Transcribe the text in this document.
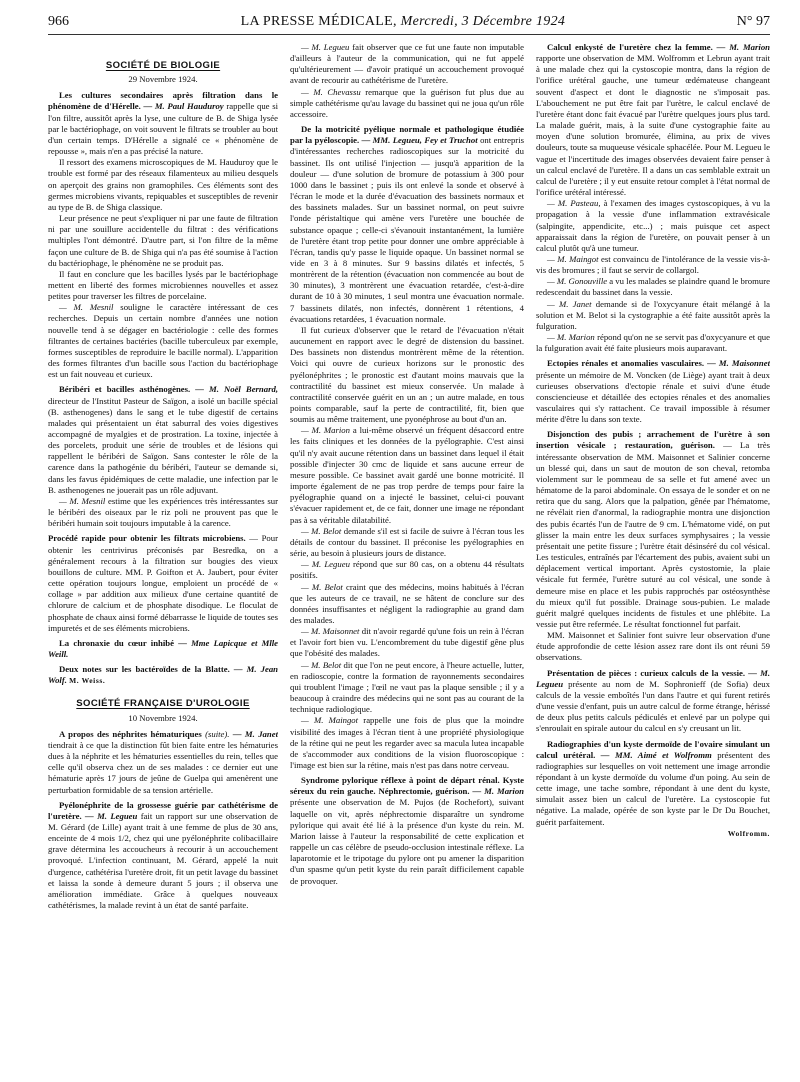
966	LA PRESSE MÉDICALE, Mercredi, 3 Décembre 1924	N° 97
SOCIÉTÉ DE BIOLOGIE
29 Novembre 1924.

Les cultures secondaires après filtration dans le phénomène de d'Hérelle. — M. Paul Hauduroy rappelle que si l'on filtre, aussitôt après la lyse, une culture de B. de Shiga lysée par le bactériophage, on voit souvent le filtrats se troubler au bout d'un certain temps. D'Hérelle a signalé ce « phénomène de repousse », mais n'en a pas précisé la nature.

Il ressort des examens microscopiques de M. Hauduroy que le trouble est formé par des réseaux filamenteux au milieu desquels on aperçoit des grains non gramophiles. Ces éléments sont des germes microbiens vivants, repiquables et susceptibles de revenir au type de B. de Shiga classique.

Leur présence ne peut s'expliquer ni par une faute de filtration ni par une souillure accidentelle du filtrat : des vérifications multiples l'ont démontré. D'autre part, si l'on filtre de la même façon une culture de B. de Shiga qui n'a pas été soumise à l'action du bactériophage, le phénomène ne se produit pas.

Il faut en conclure que les bacilles lysés par le bactériophage mettent en liberté des formes microbiennes nouvelles et assez petites pour traverser les filtres de porcelaine.

— M. Mesnil souligne le caractère intéressant de ces recherches. Depuis un certain nombre d'années une notion nouvelle tend à se dégager en bactériologie : celle des formes filtrantes de certaines bactéries (bacille tuberculeux par exemple, formes susceptibles de reproduire le bacille normal). L'apparition des formes filtrantes d'un bacille sous l'action du bactériophage est un fait nouveau et curieux.

Béribéri et bacilles asthénogènes. — M. Noël Bernard, directeur de l'Institut Pasteur de Saïgon, a isolé un bacille spécial (B. asthenogenes) dans le sang et le tube digestif de certains malades qui présentaient un état saburral des voies digestives accompagné de myalgies et de prostration. La toxine, injectée à des porcelets, produit une série de troubles et de lésions qui rappellent le béribéri de Saïgon. Sans contester le rôle de la carence dans la pathogénie du béribéri, l'auteur se demande si, dans les favus épidémiques de cette maladie, une infection par le B. asthenogenes ne jouerait pas un rôle adjuvant.

— M. Mesnil estime que les expériences très intéressantes sur le béribéri des oiseaux par le riz poli ne prouvent pas que le béribéri humain soit toujours imputable à la carence.

Procédé rapide pour obtenir les filtrats microbiens. — Pour obtenir les centrivirus préconisés par Besredka, on a généralement recours à la filtration sur bougies des vieux bouillons de culture. MM. P. Goifton et A. Jaubert, pour éviter cette opération toujours longue, emploient un procédé de « collage » par addition aux milieux d'une certaine quantité de chlorure de calcium et de phosphate disodique. Le floculat de phosphate de chaux ainsi formé débarrasse le liquide de toutes ses impuretés et de ses éléments microbiens.

La chronaxie du cœur inhibé — Mme Lapicque et Mlle Weill.

Deux notes sur les bactéroïdes de la Blatte. — M. Jean Wolf. M. Weiss.

SOCIÉTÉ FRANÇAISE D'UROLOGIE
10 Novembre 1924.

A propos des néphrites hématuriques (suite). — M. Janet tiendrait à ce que la distinction fût bien faite entre les hématuries dues à la néphrite et les hématuries essentielles du rein, telles que celle qu'il observa chez un de ses malades : ce dernier eut une hématurie après 17 jours de jeûne de Guelpa qui amenèrent une perturbation formidable de sa tension artérielle.

Pyélonéphrite de la grossesse guérie par cathétérisme de l'uretère. — M. Legueu fait un rapport sur une observation de M. Gérard (de Lille) ayant trait à une femme de plus de 30 ans, enceinte de 4 mois 1/2, chez qui une pyélonéphrite colibacillaire grave détermina les accoucheurs à recourir à un accouchement provoqué. L'infection continuant, M. Gérard, appelé la nuit d'urgence, cathétérisa l'uretère droit, fit un petit lavage du bassinet et laissa la sonde à demeure durant 5 jours ; il observa une amélioration immédiate. Grâce à quelques nouveaux cathétérismes, la malade revint à un état de santé parfaite.

— M. Legueu fait observer que ce fut une faute non imputable d'ailleurs à l'auteur de la communication, qui ne fut appelé qu'ultérieurement — d'avoir pratiqué un accouchement provoqué avant de recourir au cathétérisme de l'uretère.

— M. Chevassu remarque que la guérison fut plus due au simple cathétérisme qu'au lavage du bassinet qui ne joua qu'un rôle accessoire.

De la motricité pyélique normale et pathologique étudiée par la pyéloscopie. — MM. Legueu, Fey et Truchot ont entrepris d'intéressantes recherches radioscopiques sur la motricité du bassinet. Ils ont utilisé l'injection — jusqu'à apparition de la douleur — d'une solution de bromure de potassium à 300 pour 1000 dans le bassinet ; puis ils ont enlevé la sonde et observé à l'écran le mode et la durée d'évacuation des bassinets normaux et des bassinets malades. Sur un bassinet normal, on peut suivre l'onde péristaltique qui amène vers l'uretère une bouchée de substance opaque ; celle-ci s'évanouit instantanément, la lumière de l'uretère étant trop petite pour donner une ombre appréciable à l'écran, tandis qu'y passe le liquide opaque. Un bassinet normal se vide en 3 à 8 minutes. Sur 9 bassins dilatés et infectés, 5 montrèrent de la rétention (évacuation non commencée au bout de 30 minutes), 3 montrèrent une évacuation retardée, c'est-à-dire durant de 10 à 30 minutes, 1 seul montra une évacuation normale. 7 bassinets dilatés, non infectés, donnèrent 1 rétentions, 4 évacuations retardées, 1 évacuation normale.

Il fut curieux d'observer que le retard de l'évacuation n'était aucunement en rapport avec le degré de distension du bassinet. Des bassinets non distendus montrèrent même de la rétention. Voici qui ouvre de curieux horizons sur le pronostic des pyélonéphrites ; le pronostic est d'autant moins mauvais que la contractilité du bassinet est mieux conservée. Un malade à contractilité conservée guérit en un an ; un autre malade, en tous points comparable, sauf la perte de contractilité, fit, bien que soumis au même traitement, une pyonéphrose au bout d'un an.

— M. Marion a lui-même observé un fréquent désaccord entre les faits cliniques et les données de la pyélographie. C'est ainsi qu'il n'y avait aucune rétention dans un bassinet dans lequel il était possible d'injecter 30 cmc de liquide et sans aucune erreur de mesure possible. Ce bassinet avait gardé une bonne motricité. Il importe également de ne pas trop perdre de temps pour faire la pyélographie quand on a injecté le bassinet, celui-ci pouvant s'évacuer rapidement et, de ce fait, donner une image ne répondant pas à sa véritable dilatabilité.

— M. Belot demande s'il est si facile de suivre à l'écran tous les détails de contour du bassinet. Il préconise les pyélographies en série, au besoin à plusieurs jours de distance.

— M. Legueu répond que sur 80 cas, on a obtenu 44 résultats positifs.

— M. Belot craint que des médecins, moins habitués à l'écran que les auteurs de ce travail, ne se hâtent de conclure sur des données insuffisantes et négligent la radiographie au grand dam des malades.

— M. Maisonnet dit n'avoir regardé qu'une fois un rein à l'écran et l'avoir fort bien vu. L'encombrement du tube digestif gêne plus que l'obésité des malades.

— M. Belot dit que l'on ne peut encore, à l'heure actuelle, lutter, en radioscopie, contre la formation de rayonnements secondaires qui troublent l'image ; l'œil ne vaut pas la plaque sensible ; il y a beaucoup à craindre des médecins qui ne sont pas au courant de la technique radiologique.

— M. Maingot rappelle une fois de plus que la moindre visibilité des images à l'écran tient à une propriété physiologique de la rétine qui ne peut les regarder avec sa macula lutea incapable de s'accommoder aux conditions de la vision fluoroscopique : l'image est bien sur la rétine, mais n'est pas dans notre cerveau.

Syndrome pylorique réflexe à point de départ rénal. Kyste séreux du rein gauche. Néphrectomie, guérison. — M. Marion présente une observation de M. Pujos (de Rochefort), suivant laquelle on vit, après néphrectomie disparaître un syndrome pylorique qui avait été lié à la présence d'un kyste du rein. M. Marion laisse à l'auteur la responsabilité de cette explication et rappelle un cas célèbre de pseudo-occlusion intestinale réflexe. La laparotomie et le tripotage du pylore ont pu amener la disparition d'un spasme qu'un petit kyste du rein paraît difficilement capable de provoquer.

Calcul enkysté de l'uretère chez la femme. — M. Marion rapporte une observation de MM. Wolfromm et Lebrun ayant trait à une malade chez qui la cystoscopie montra, dans la région de l'orifice urétéral gauche, une tumeur œdémateuse changeant souvent d'aspect et dont le diagnostic ne s'imposait pas. L'abouchement ne put être fait par l'urètre, le calcul enclavé de l'uretère étant donc fait évacué par l'urètre quelques jours plus tard. La malade guérit, mais, à la suite d'une cystographie faite au moyen d'une solution bromurée, élimina, au prix de vives douleurs, toute sa muqueuse vésicale sphacélée. Pour M. Legueu le vague et l'incertitude des images observées devaient faire penser à un calcul enclavé de l'uretère. Il a dans un cas semblable extrait un calcul de l'uretère ; il y eut ensuite retour complet à l'état normal de l'orifice urétéral intéressé.

— M. Pasteau, à l'examen des images cystoscopiques, à vu la propagation à la vessie d'une inflammation extravésicale (salpingite, appendicite, etc...) ; mais puisque cet aspect apparaissait dans la région de l'uretère, on pouvait penser à un calcul plutôt qu'à une tumeur.

— M. Maingot est convaincu de l'intolérance de la vessie vis-à-vis des bromures ; il faut se servir de collargol.

— M. Gonouville a vu les malades se plaindre quand le bromure redescendait du bassinet dans la vessie.

— M. Janet demande si de l'oxycyanure était mélangé à la solution et M. Belot si la cystographie a été faite aussitôt après la fulguration.

— M. Marion répond qu'on ne se servit pas d'oxycyanure et que la fulguration avait été faite plusieurs mois auparavant.

Ectopies rénales et anomalies vasculaires. — M. Maisonnet présente un mémoire de M. Voncken (de Liège) ayant trait à deux curieuses observations d'ectopie rénale et suivi d'une étude consciencieuse et détaillée des ectopies rénales et des anomalies vasculaires qui s'y rattachent. Ce travail impossible à résumer mérite d'être lu dans son texte.

Disjonction des pubis ; arrachement de l'urètre à son insertion vésicale ; restauration, guérison. — La très intéressante observation de MM. Maisonnet et Salinier concerne un blessé qui, dans un saut de mouton de son cheval, retomba violemment sur le pommeau de sa selle et fut amené avec un hématome de la paroi abdominale. On essaya de le sonder et on ne retira que du sang. Alors que la palpation, gênée par l'hématome, ne révélait rien d'anormal, la radiographie montra une disjonction des pubis écartés l'un de l'autre de 9 cm. L'hématome vidé, on put glisser la main entre les deux surfaces symphysaires ; la vessie présentait une petite fissure ; l'urètre était désinséré du col vésical. Les testicules, entraînés par l'écartement des pubis, avaient subi un déplacement vertical important. Après cystostomie, la plaie vésicale fut fermée, l'urètre suturé au col vésical, une sonde à demeure mise en place et les pubis rapprochés par ostéosynthèse du mieux qu'il fut possible. Drainage sous-pubien. Le malade guérit malgré quelques incidents de fistules et une phlébite. La vessie put être refermée. Le résultat fonctionnel fut parfait.

MM. Maisonnet et Salinier font suivre leur observation d'une étude approfondie de cette lésion assez rare dont ils ont réuni 59 observations.

Présentation de pièces : curieux calculs de la vessie. — M. Legueu présente au nom de M. Sophronieff (de Sofia) deux calculs de la vessie emboîtés l'un dans l'autre et qui furent retirés d'une vessie d'enfant, puis un autre calcul de forme étrange, hérissé de deux plus petits calculs pédiculés et enlevé par un polype qui s'enroulait en spirale autour du calcul en s'y creusant un lit.

Radiographies d'un kyste dermoïde de l'ovaire simulant un calcul urétéral. — MM. Aimé et Wolfromm présentent des radiographies sur lesquelles on voit nettement une image arrondie répondant à un kyste dermoïde du volume d'un poing. Au sein de cette image, une tache sombre, répondant à une dent du kyste, simulait assez bien un calcul de l'uretère. La cystoscopie fut négative. La malade, opérée de son kyste par le Dr Du Bouchet, guérit parfaitement.

Wolfromm.
